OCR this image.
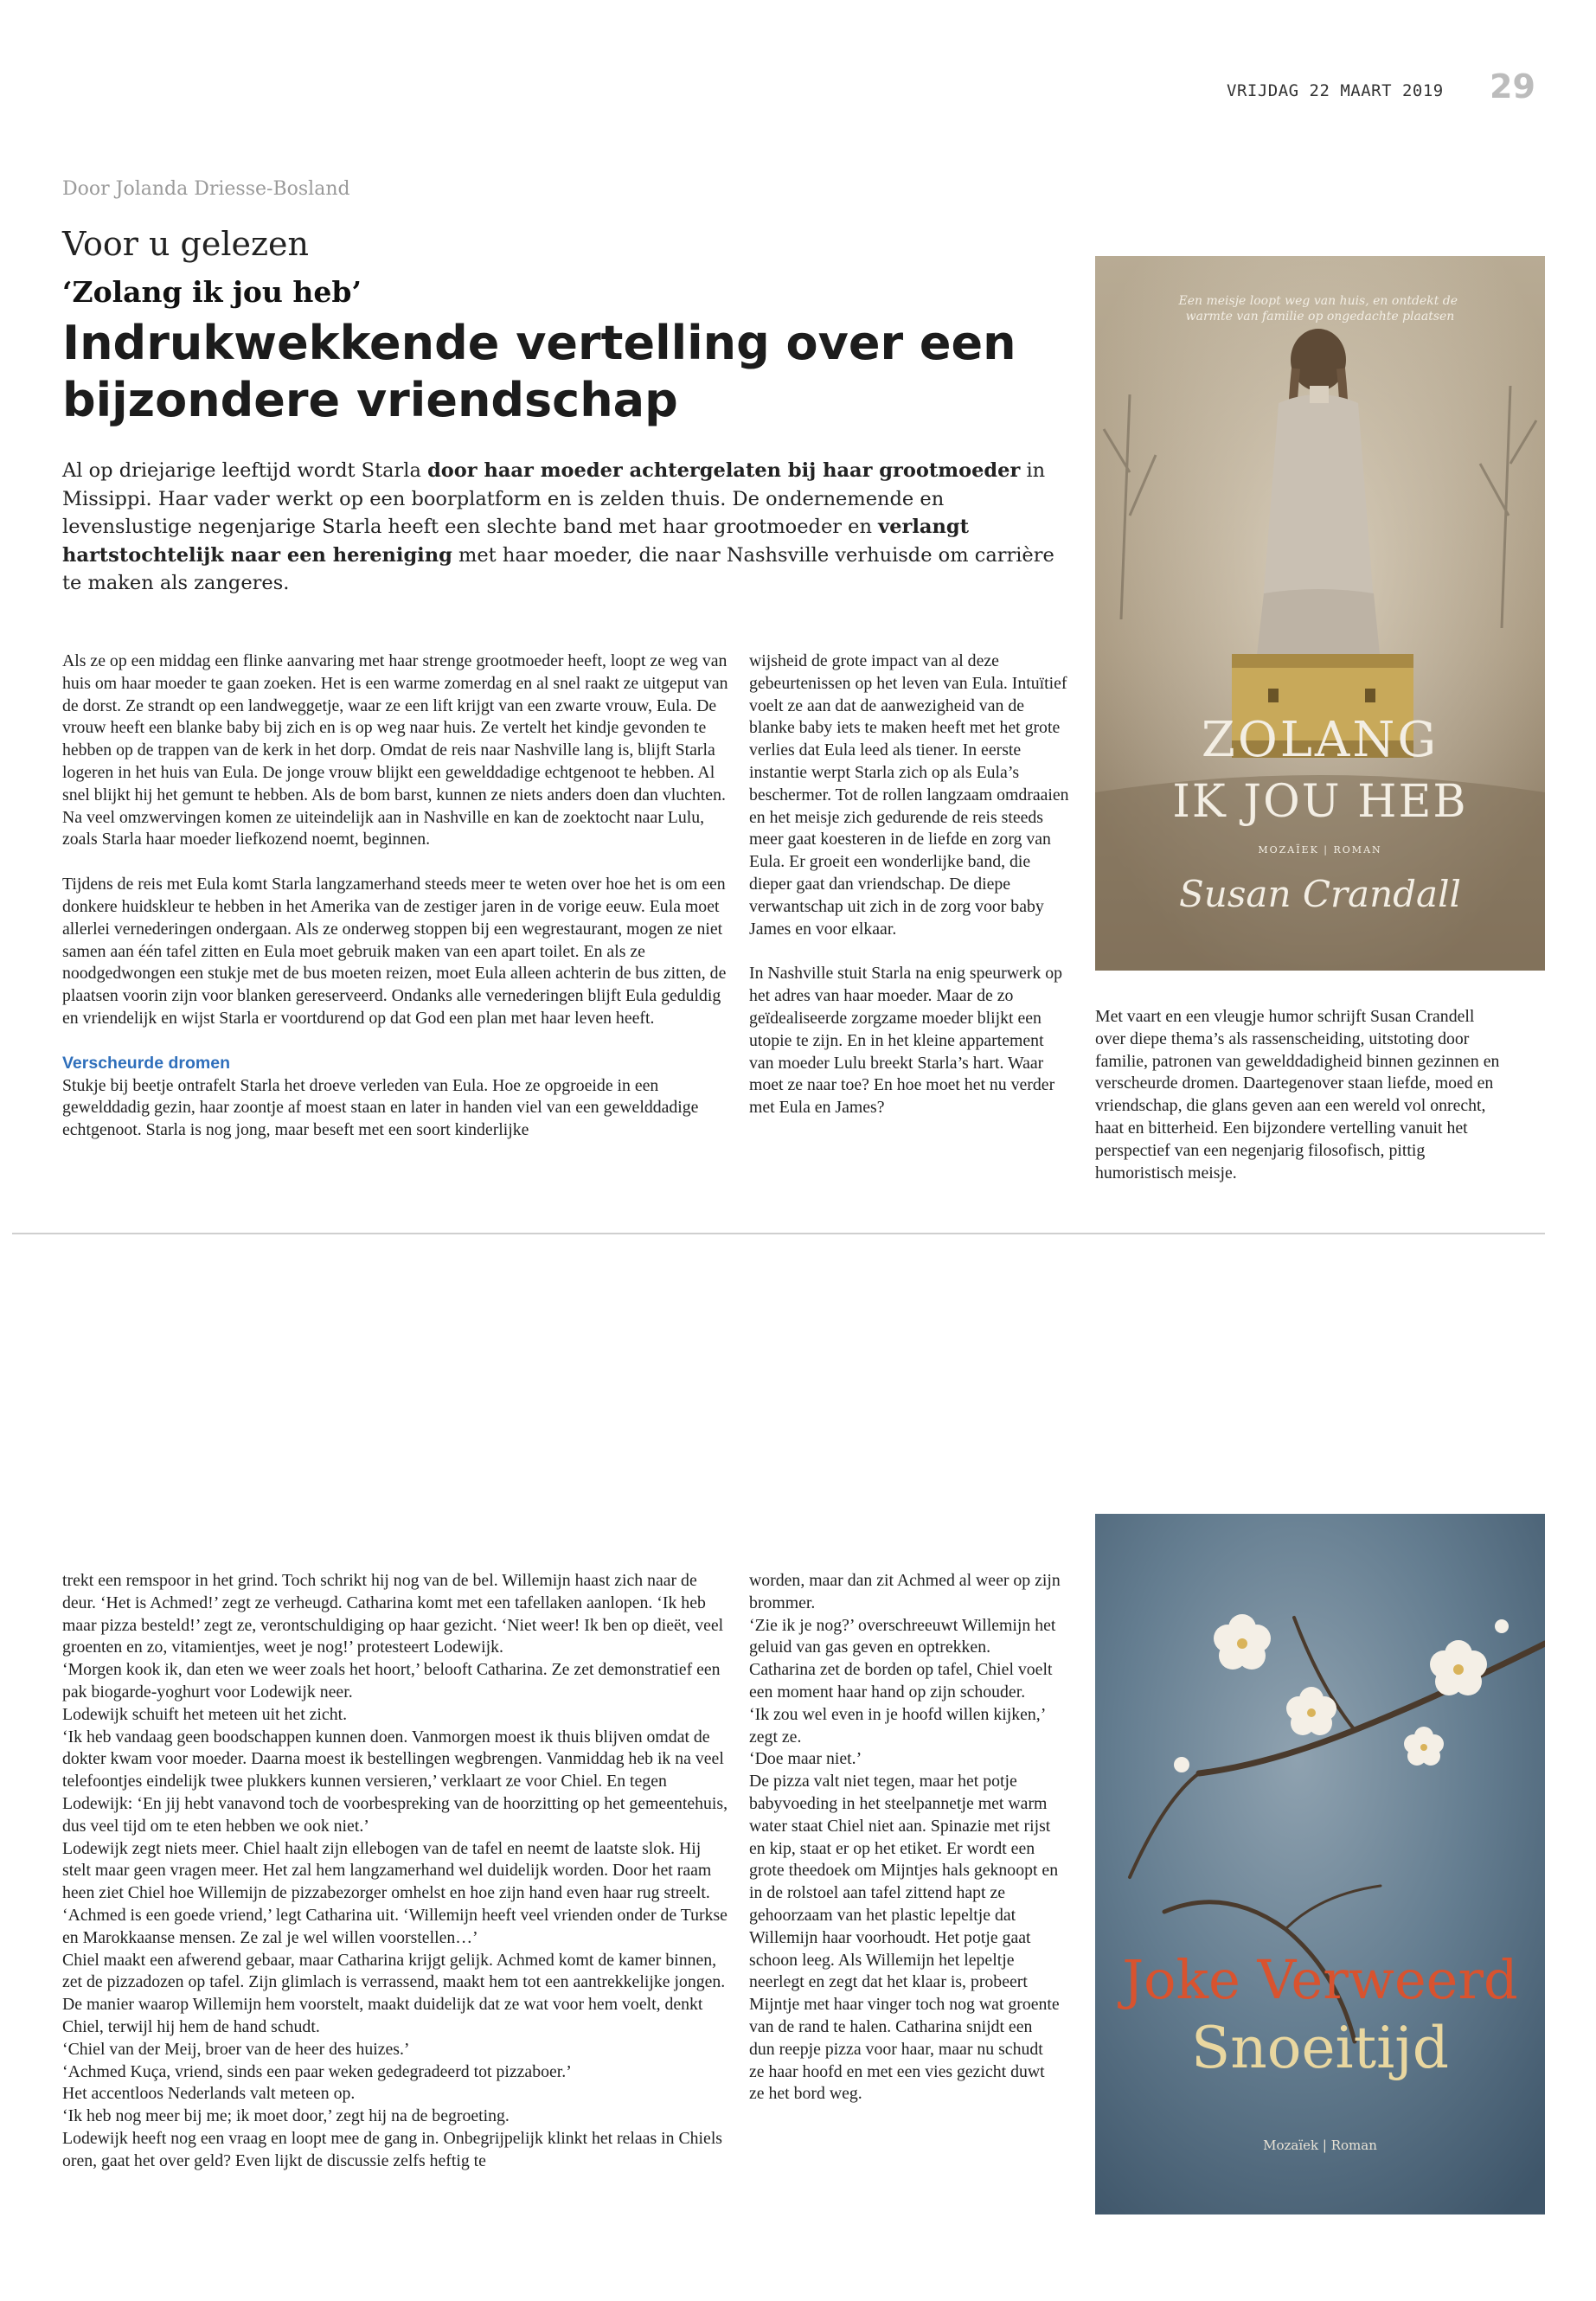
VRIJDAG 22 MAART 2019 29
Door Jolanda Driesse-Bosland
Voor u gelezen
‘Zolang ik jou heb’
Indrukwekkende vertelling over een bijzondere vriendschap

Al op driejarige leeftijd wordt Starla door haar moeder achtergelaten bij haar grootmoeder in Missippi. Haar vader werkt op een boorplatform en is zelden thuis. De ondernemende en levenslustige negenjarige Starla heeft een slechte band met haar grootmoeder en verlangt hartstochtelijk naar een hereniging met haar moeder, die naar Nashsville verhuisde om carrière te maken als zangeres.

Als ze op een middag een flinke aanvaring met haar strenge grootmoeder heeft, loopt ze weg van huis om haar moeder te gaan zoeken. Het is een warme zomerdag en al snel raakt ze uitgeput van de dorst. Ze strandt op een landweggetje, waar ze een lift krijgt van een zwarte vrouw, Eula. De vrouw heeft een blanke baby bij zich en is op weg naar huis. Ze vertelt het kindje gevonden te hebben op de trappen van de kerk in het dorp. Omdat de reis naar Nashville lang is, blijft Starla logeren in het huis van Eula. De jonge vrouw blijkt een gewelddadige echtgenoot te hebben. Al snel blijkt hij het gemunt te hebben. Als de bom barst, kunnen ze niets anders doen dan vluchten. Na veel omzwervingen komen ze uiteindelijk aan in Nashville en kan de zoektocht naar Lulu, zoals Starla haar moeder liefkozend noemt, beginnen.

Tijdens de reis met Eula komt Starla langzamerhand steeds meer te weten over hoe het is om een donkere huidskleur te hebben in het Amerika van de zestiger jaren in de vorige eeuw. Eula moet allerlei vernederingen ondergaan. Als ze onderweg stoppen bij een wegrestaurant, mogen ze niet samen aan één tafel zitten en Eula moet gebruik maken van een apart toilet. En als ze noodgedwongen een stukje met de bus moeten reizen, moet Eula alleen achterin de bus zitten, de plaatsen voorin zijn voor blanken gereserveerd. Ondanks alle vernederingen blijft Eula geduldig en vriendelijk en wijst Starla er voortdurend op dat God een plan met haar leven heeft.

Verscheurde dromen

Stukje bij beetje ontrafelt Starla het droeve verleden van Eula. Hoe ze opgroeide in een gewelddadig gezin, haar zoontje af moest staan en later in handen viel van een gewelddadige echtgenoot. Starla is nog jong, maar beseft met een soort kinderlijke

wijsheid de grote impact van al deze gebeurtenissen op het leven van Eula. Intuïtief voelt ze aan dat de aanwezigheid van de blanke baby iets te maken heeft met het grote verlies dat Eula leed als tiener. In eerste instantie werpt Starla zich op als Eula’s beschermer. Tot de rollen langzaam omdraaien en het meisje zich gedurende de reis steeds meer gaat koesteren in de liefde en zorg van Eula. Er groeit een wonderlijke band, die dieper gaat dan vriendschap. De diepe verwantschap uit zich in de zorg voor baby James en voor elkaar.

In Nashville stuit Starla na enig speurwerk op het adres van haar moeder. Maar de zo geïdealiseerde zorgzame moeder blijkt een utopie te zijn. En in het kleine appartement van moeder Lulu breekt Starla’s hart. Waar moet ze naar toe? En hoe moet het nu verder met Eula en James?

Met vaart en een vleugje humor schrijft Susan Crandell over diepe thema’s als rassenscheiding, uitstoting door familie, patronen van gewelddadigheid binnen gezinnen en verscheurde dromen. Daartegenover staan liefde, moed en vriendschap, die glans geven aan een wereld vol onrecht, haat en bitterheid. Een bijzondere vertelling vanuit het perspectief van een negenjarig filosofisch, pittig humoristisch meisje.

Een meisje loopt weg van huis, en ontdekt de warmte van familie op ongedachte plaatsen
ZOLANG
IK JOU HEB
MOZAÏEK | ROMAN
Susan Crandall

trekt een remspoor in het grind. Toch schrikt hij nog van de bel. Willemijn haast zich naar de deur. ‘Het is Achmed!’ zegt ze verheugd. Catharina komt met een tafellaken aanlopen. ‘Ik heb maar pizza besteld!’ zegt ze, verontschuldiging op haar gezicht. ‘Niet weer! Ik ben op dieët, veel groenten en zo, vitamientjes, weet je nog!’ protesteert Lodewijk.
‘Morgen kook ik, dan eten we weer zoals het hoort,’ belooft Catharina. Ze zet demonstratief een pak biogarde-yoghurt voor Lodewijk neer.
Lodewijk schuift het meteen uit het zicht.
‘Ik heb vandaag geen boodschappen kunnen doen. Vanmorgen moest ik thuis blijven omdat de dokter kwam voor moeder. Daarna moest ik bestellingen wegbrengen. Vanmiddag heb ik na veel telefoontjes eindelijk twee plukkers kunnen versieren,’ verklaart ze voor Chiel. En tegen Lodewijk: ‘En jij hebt vanavond toch de voorbespreking van de hoorzitting op het gemeentehuis, dus veel tijd om te eten hebben we ook niet.’
Lodewijk zegt niets meer. Chiel haalt zijn ellebogen van de tafel en neemt de laatste slok. Hij stelt maar geen vragen meer. Het zal hem langzamerhand wel duidelijk worden. Door het raam heen ziet Chiel hoe Willemijn de pizzabezorger omhelst en hoe zijn hand even haar rug streelt.
‘Achmed is een goede vriend,’ legt Catharina uit. ‘Willemijn heeft veel vrienden onder de Turkse en Marokkaanse mensen. Ze zal je wel willen voorstellen…’
Chiel maakt een afwerend gebaar, maar Catharina krijgt gelijk. Achmed komt de kamer binnen, zet de pizzadozen op tafel. Zijn glimlach is verrassend, maakt hem tot een aantrekkelijke jongen. De manier waarop Willemijn hem voorstelt, maakt duidelijk dat ze wat voor hem voelt, denkt Chiel, terwijl hij hem de hand schudt.
‘Chiel van der Meij, broer van de heer des huizes.’
‘Achmed Kuça, vriend, sinds een paar weken gedegradeerd tot pizzaboer.’
Het accentloos Nederlands valt meteen op.
‘Ik heb nog meer bij me; ik moet door,’ zegt hij na de begroeting.
Lodewijk heeft nog een vraag en loopt mee de gang in. Onbegrijpelijk klinkt het relaas in Chiels oren, gaat het over geld? Even lijkt de discussie zelfs heftig te

worden, maar dan zit Achmed al weer op zijn brommer.
‘Zie ik je nog?’ overschreeuwt Willemijn het geluid van gas geven en optrekken.
Catharina zet de borden op tafel, Chiel voelt een moment haar hand op zijn schouder.
‘Ik zou wel even in je hoofd willen kijken,’ zegt ze.
‘Doe maar niet.’
De pizza valt niet tegen, maar het potje babyvoeding in het steelpannetje met warm water staat Chiel niet aan. Spinazie met rijst en kip, staat er op het etiket. Er wordt een grote theedoek om Mijntjes hals geknoopt en in de rolstoel aan tafel zittend hapt ze gehoorzaam van het plastic lepeltje dat Willemijn haar voorhoudt. Het potje gaat schoon leeg. Als Willemijn het lepeltje neerlegt en zegt dat het klaar is, probeert Mijntje met haar vinger toch nog wat groente van de rand te halen. Catharina snijdt een dun reepje pizza voor haar, maar nu schudt ze haar hoofd en met een vies gezicht duwt ze het bord weg.

Joke Verweerd
Snoeitijd
Mozaïek | Roman
